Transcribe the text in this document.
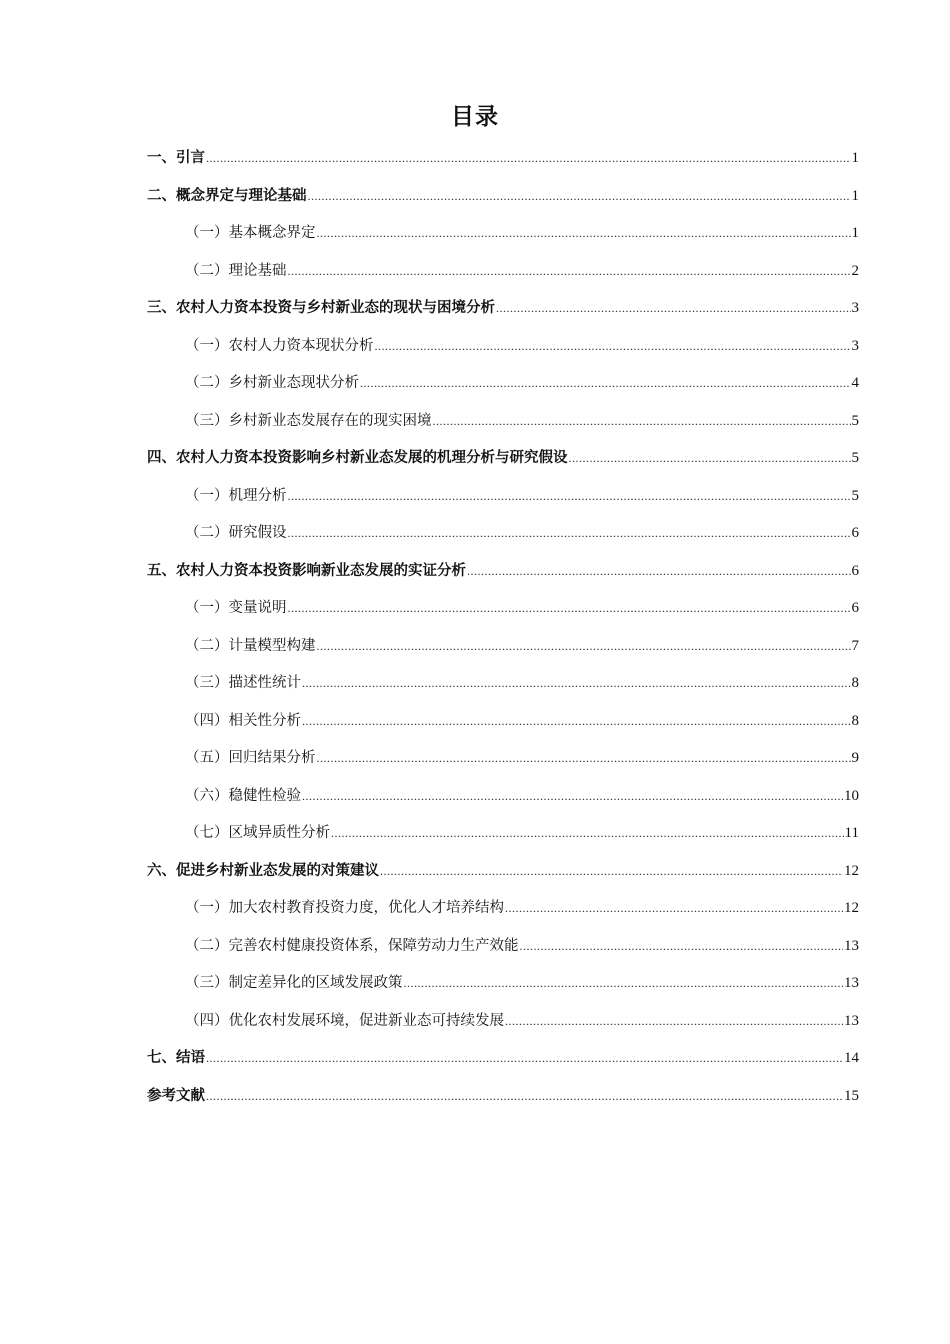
目录
一、引言 .....	1
二、概念界定与理论基础 .....	1
（一）基本概念界定 .....	1
（二）理论基础 .....	2
三、农村人力资本投资与乡村新业态的现状与困境分析 .....	3
（一）农村人力资本现状分析 .....	3
（二）乡村新业态现状分析 .....	4
（三）乡村新业态发展存在的现实困境 .....	5
四、农村人力资本投资影响乡村新业态发展的机理分析与研究假设 .....	5
（一）机理分析 .....	5
（二）研究假设 .....	6
五、农村人力资本投资影响新业态发展的实证分析 .....	6
（一）变量说明 .....	6
（二）计量模型构建 .....	7
（三）描述性统计 .....	8
（四）相关性分析 .....	8
（五）回归结果分析 .....	9
（六）稳健性检验 .....	10
（七）区域异质性分析 .....	11
六、促进乡村新业态发展的对策建议 .....	12
（一）加大农村教育投资力度，优化人才培养结构 .....	12
（二）完善农村健康投资体系，保障劳动力生产效能 .....	13
（三）制定差异化的区域发展政策 .....	13
（四）优化农村发展环境，促进新业态可持续发展 .....	13
七、结语 .....	14
参考文献 .....	15
